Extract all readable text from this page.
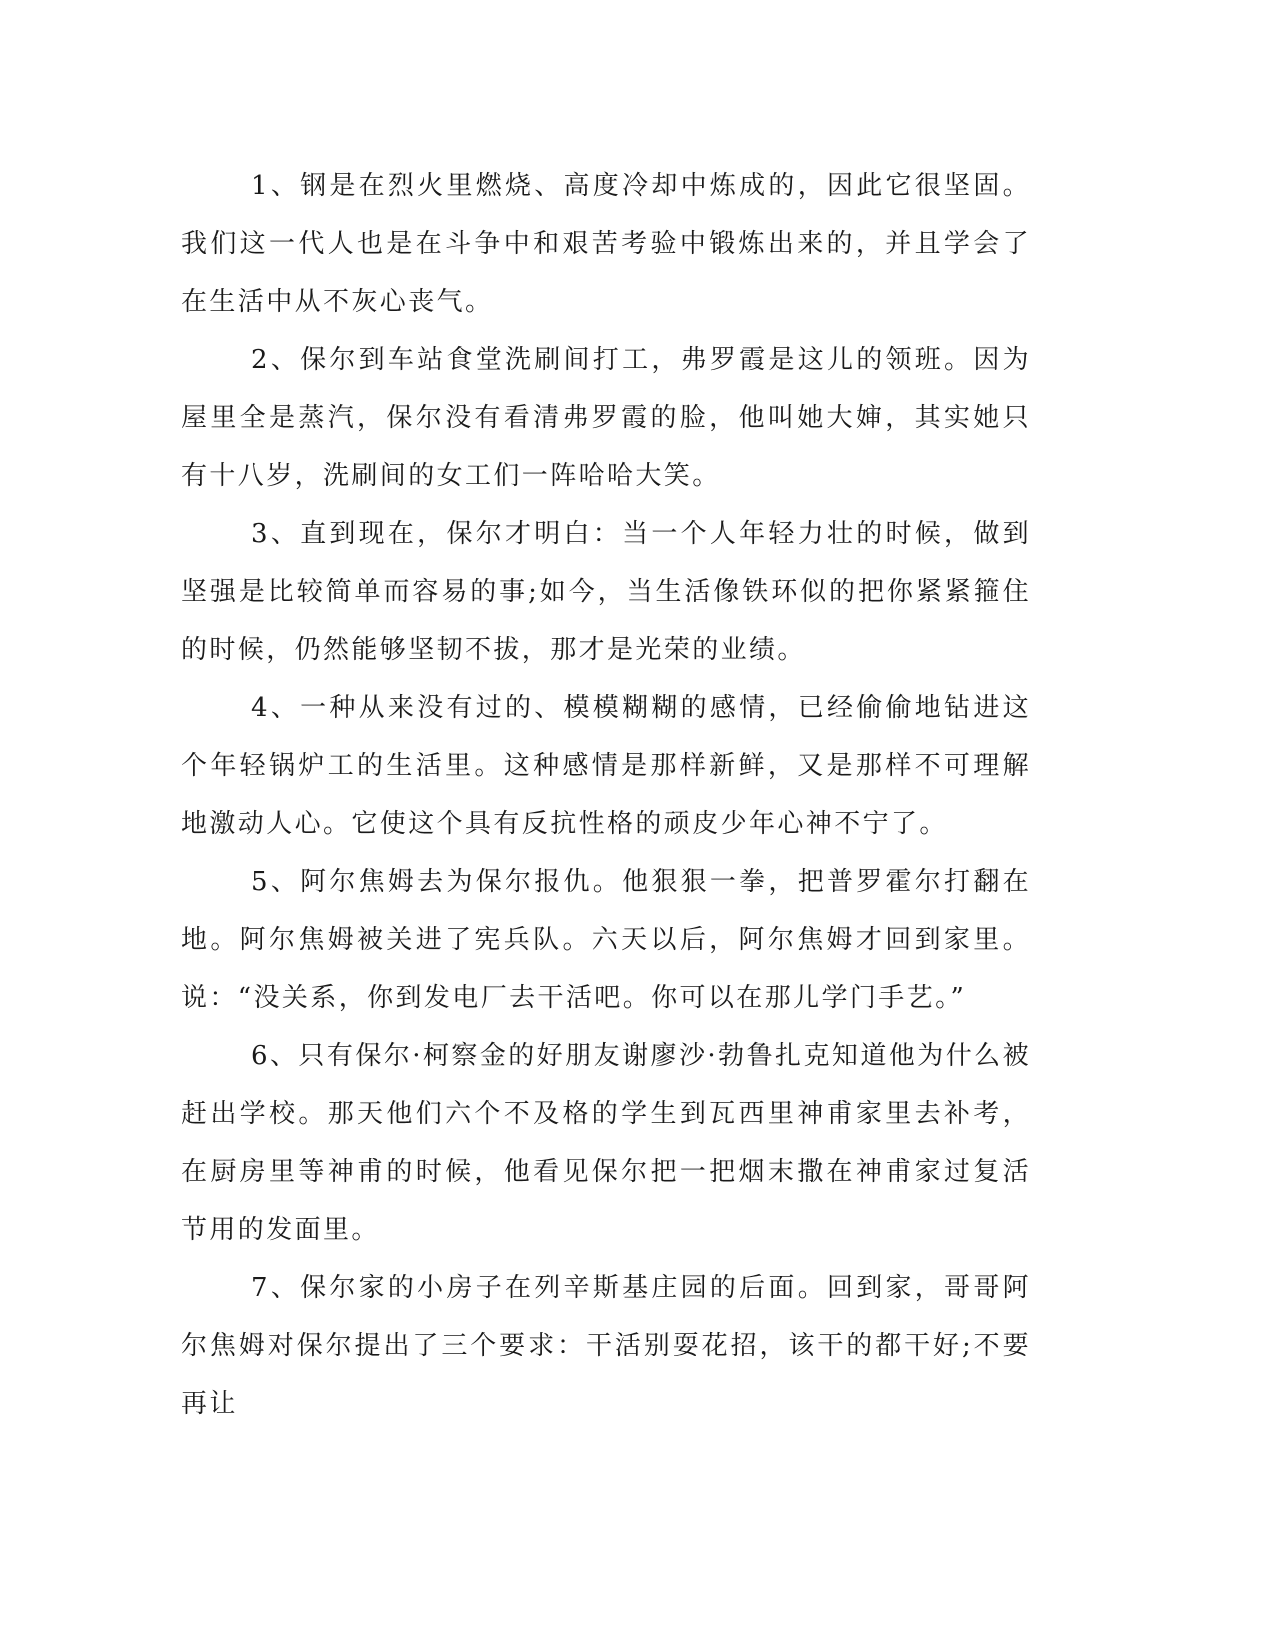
1、钢是在烈火里燃烧、高度冷却中炼成的，因此它很坚固。我们这一代人也是在斗争中和艰苦考验中锻炼出来的，并且学会了在生活中从不灰心丧气。

2、保尔到车站食堂洗刷间打工，弗罗霞是这儿的领班。因为屋里全是蒸汽，保尔没有看清弗罗霞的脸，他叫她大婶，其实她只有十八岁，洗刷间的女工们一阵哈哈大笑。

3、直到现在，保尔才明白：当一个人年轻力壮的时候，做到坚强是比较简单而容易的事;如今，当生活像铁环似的把你紧紧箍住的时候，仍然能够坚韧不拔，那才是光荣的业绩。

4、一种从来没有过的、模模糊糊的感情，已经偷偷地钻进这个年轻锅炉工的生活里。这种感情是那样新鲜，又是那样不可理解地激动人心。它使这个具有反抗性格的顽皮少年心神不宁了。

5、阿尔焦姆去为保尔报仇。他狠狠一拳，把普罗霍尔打翻在地。阿尔焦姆被关进了宪兵队。六天以后，阿尔焦姆才回到家里。说：“没关系，你到发电厂去干活吧。你可以在那儿学门手艺。”

6、只有保尔·柯察金的好朋友谢廖沙·勃鲁扎克知道他为什么被赶出学校。那天他们六个不及格的学生到瓦西里神甫家里去补考，在厨房里等神甫的时候，他看见保尔把一把烟末撒在神甫家过复活节用的发面里。

7、保尔家的小房子在列辛斯基庄园的后面。回到家，哥哥阿尔焦姆对保尔提出了三个要求：干活别耍花招，该干的都干好;不要再让
